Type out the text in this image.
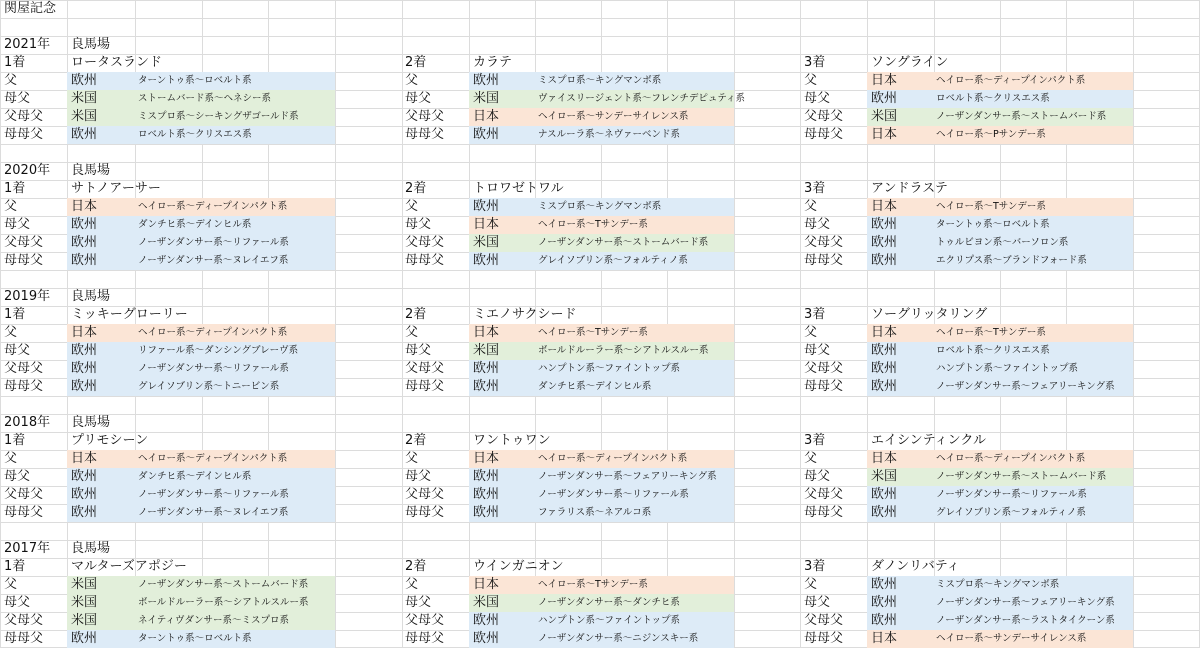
関屋記念
2021年 良馬場
1着	ロータスランド
父	欧州	ターントゥ系～ロベルト系
母父	米国	ストームバード系～ヘネシー系
父母父 米国	ミスプロ系～シーキングザゴールド系
母母父 欧州	ロベルト系～クリスエス系
2着	カラテ
父	欧州	ミスプロ系～キングマンボ系
母父	米国	ヴァイスリージェント系～フレンチデピュティ系
父母父 日本	ヘイロー系～サンデーサイレンス系
母母父 欧州	ナスルーラ系～ネヴァーベンド系
3着	ソングライン
父	日本	ヘイロー系～ディープインパクト系
母父	欧州	ロベルト系～クリスエス系
父母父 米国	ノーザンダンサー系～ストームバード系
母母父 日本	ヘイロー系～Pサンデー系
2020年 良馬場
1着	サトノアーサー
父	日本	ヘイロー系～ディープインパクト系
母父	欧州	ダンチヒ系～デインヒル系
父母父 欧州	ノーザンダンサー系～リファール系
母母父 欧州	ノーザンダンサー系～ヌレイエフ系
2着	トロワゼトワル
父	欧州	ミスプロ系～キングマンボ系
母父	日本	ヘイロー系～Tサンデー系
父母父 米国	ノーザンダンサー系～ストームバード系
母母父 欧州	グレイソブリン系～フォルティノ系
3着	アンドラステ
父	日本	ヘイロー系～Tサンデー系
母父	欧州	ターントゥ系～ロベルト系
父母父 欧州	トゥルビヨン系～バーソロン系
母母父 欧州	エクリプス系～ブランドフォード系
2019年 良馬場
1着	ミッキーグローリー
父	日本	ヘイロー系～ディープインパクト系
母父	欧州	リファール系～ダンシングブレーヴ系
父母父 欧州	ノーザンダンサー系～リファール系
母母父 欧州	グレイソブリン系～トニービン系
2着	ミエノサクシード
父	日本	ヘイロー系～Tサンデー系
母父	米国	ボールドルーラー系～シアトルスルー系
父母父 欧州	ハンプトン系～ファイントップ系
母母父 欧州	ダンチヒ系～デインヒル系
3着	ソーグリッタリング
父	日本	ヘイロー系～Tサンデー系
母父	欧州	ロベルト系～クリスエス系
父母父 欧州	ハンプトン系～ファイントップ系
母母父 欧州	ノーザンダンサー系～フェアリーキング系
2018年 良馬場
1着	プリモシーン
父	日本	ヘイロー系～ディープインパクト系
母父	欧州	ダンチヒ系～デインヒル系
父母父 欧州	ノーザンダンサー系～リファール系
母母父 欧州	ノーザンダンサー系～ヌレイエフ系
2着	ワントゥワン
父	日本	ヘイロー系～ディープインパクト系
母父	欧州	ノーザンダンサー系～フェアリーキング系
父母父 欧州	ノーザンダンサー系～リファール系
母母父 欧州	ファラリス系～ネアルコ系
3着	エイシンティンクル
父	日本	ヘイロー系～ディープインパクト系
母父	米国	ノーザンダンサー系～ストームバード系
父母父 欧州	ノーザンダンサー系～リファール系
母母父 欧州	グレイソブリン系～フォルティノ系
2017年 良馬場
1着	マルターズアポジー
父	米国	ノーザンダンサー系～ストームバード系
母父	米国	ボールドルーラー系～シアトルスルー系
父母父 米国	ネイティヴダンサー系～ミスプロ系
母母父 欧州	ターントゥ系～ロベルト系
2着	ウインガニオン
父	日本	ヘイロー系～Tサンデー系
母父	米国	ノーザンダンサー系～ダンチヒ系
父母父 欧州	ハンプトン系～ファイントップ系
母母父 欧州	ノーザンダンサー系～ニジンスキー系
3着	ダノンリバティ
父	欧州	ミスプロ系～キングマンボ系
母父	欧州	ノーザンダンサー系～フェアリーキング系
父母父 欧州	ノーザンダンサー系～ラストタイクーン系
母母父 日本	ヘイロー系～サンデーサイレンス系
